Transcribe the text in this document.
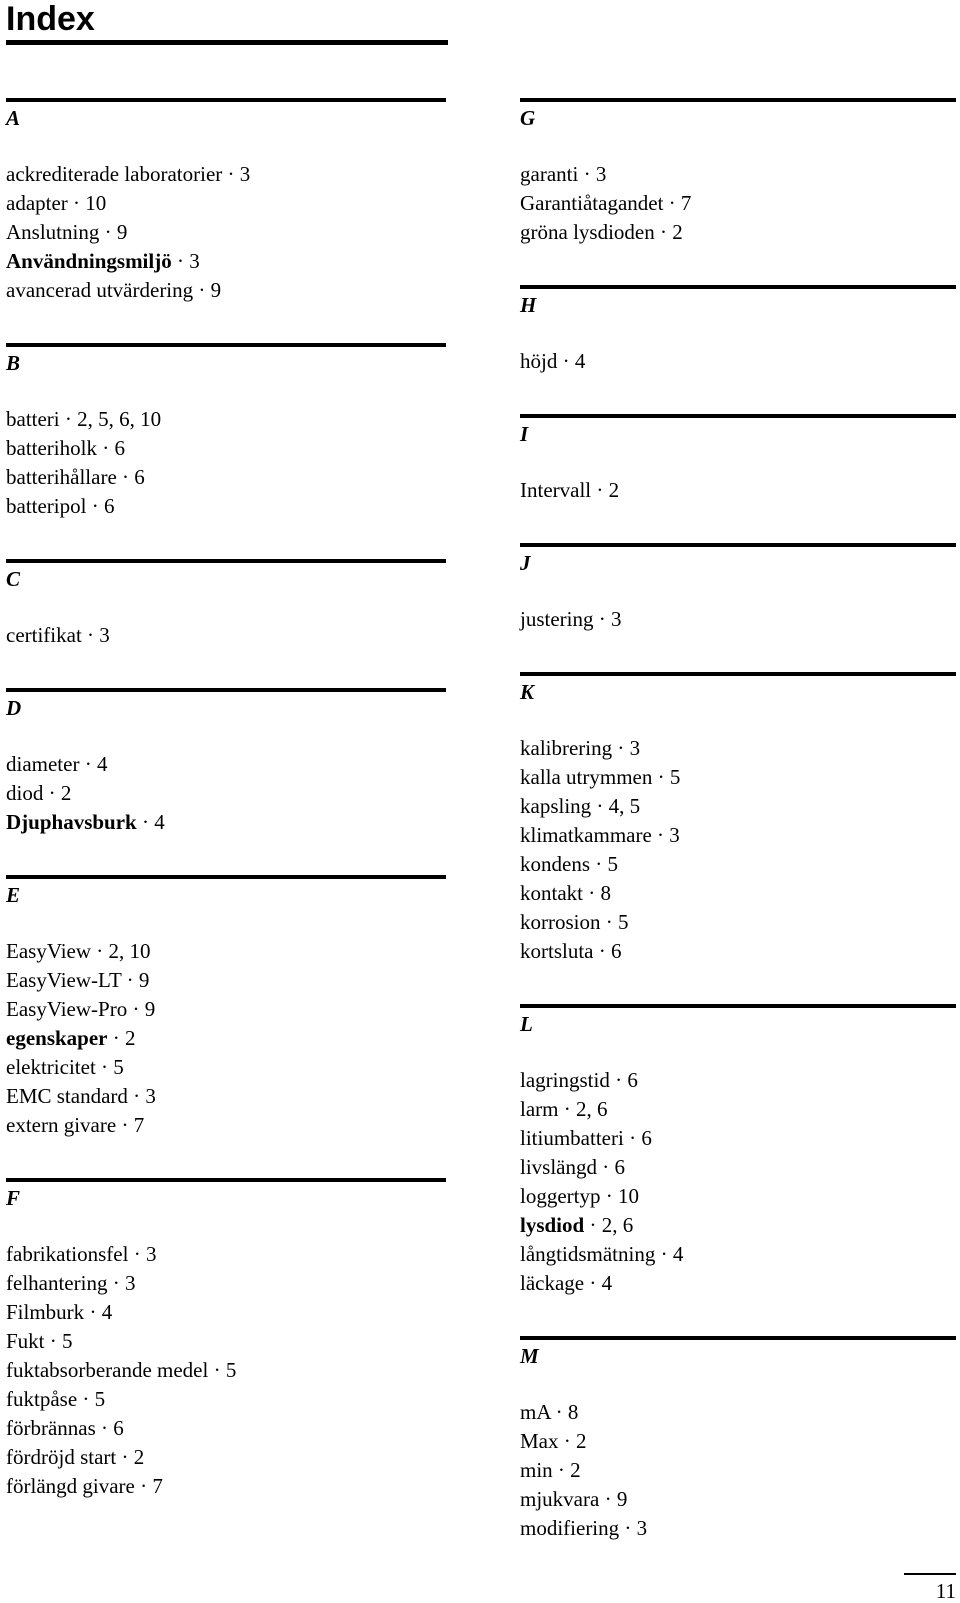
Index
A
ackrediterade laboratorier · 3
adapter · 10
Anslutning · 9
Användningsmiljö · 3
avancerad utvärdering · 9
B
batteri · 2, 5, 6, 10
batteriholk · 6
batterihållare · 6
batteripol · 6
C
certifikat · 3
D
diameter · 4
diod · 2
Djuphavsburk · 4
E
EasyView · 2, 10
EasyView-LT · 9
EasyView-Pro · 9
egenskaper · 2
elektricitet · 5
EMC standard · 3
extern givare · 7
F
fabrikationsfel · 3
felhantering · 3
Filmburk · 4
Fukt · 5
fuktabsorberande medel · 5
fuktpåse · 5
förbrännas · 6
fördröjd start · 2
förlängd givare · 7
G
garanti · 3
Garantiåtagandet · 7
gröna lysdioden · 2
H
höjd · 4
I
Intervall · 2
J
justering · 3
K
kalibrering · 3
kalla utrymmen · 5
kapsling · 4, 5
klimatkammare · 3
kondens · 5
kontakt · 8
korrosion · 5
kortsluta · 6
L
lagringstid · 6
larm · 2, 6
litiumbatteri · 6
livslängd · 6
loggertyp · 10
lysdiod · 2, 6
långtidsmätning · 4
läckage · 4
M
mA · 8
Max · 2
min · 2
mjukvara · 9
modifiering · 3
11
